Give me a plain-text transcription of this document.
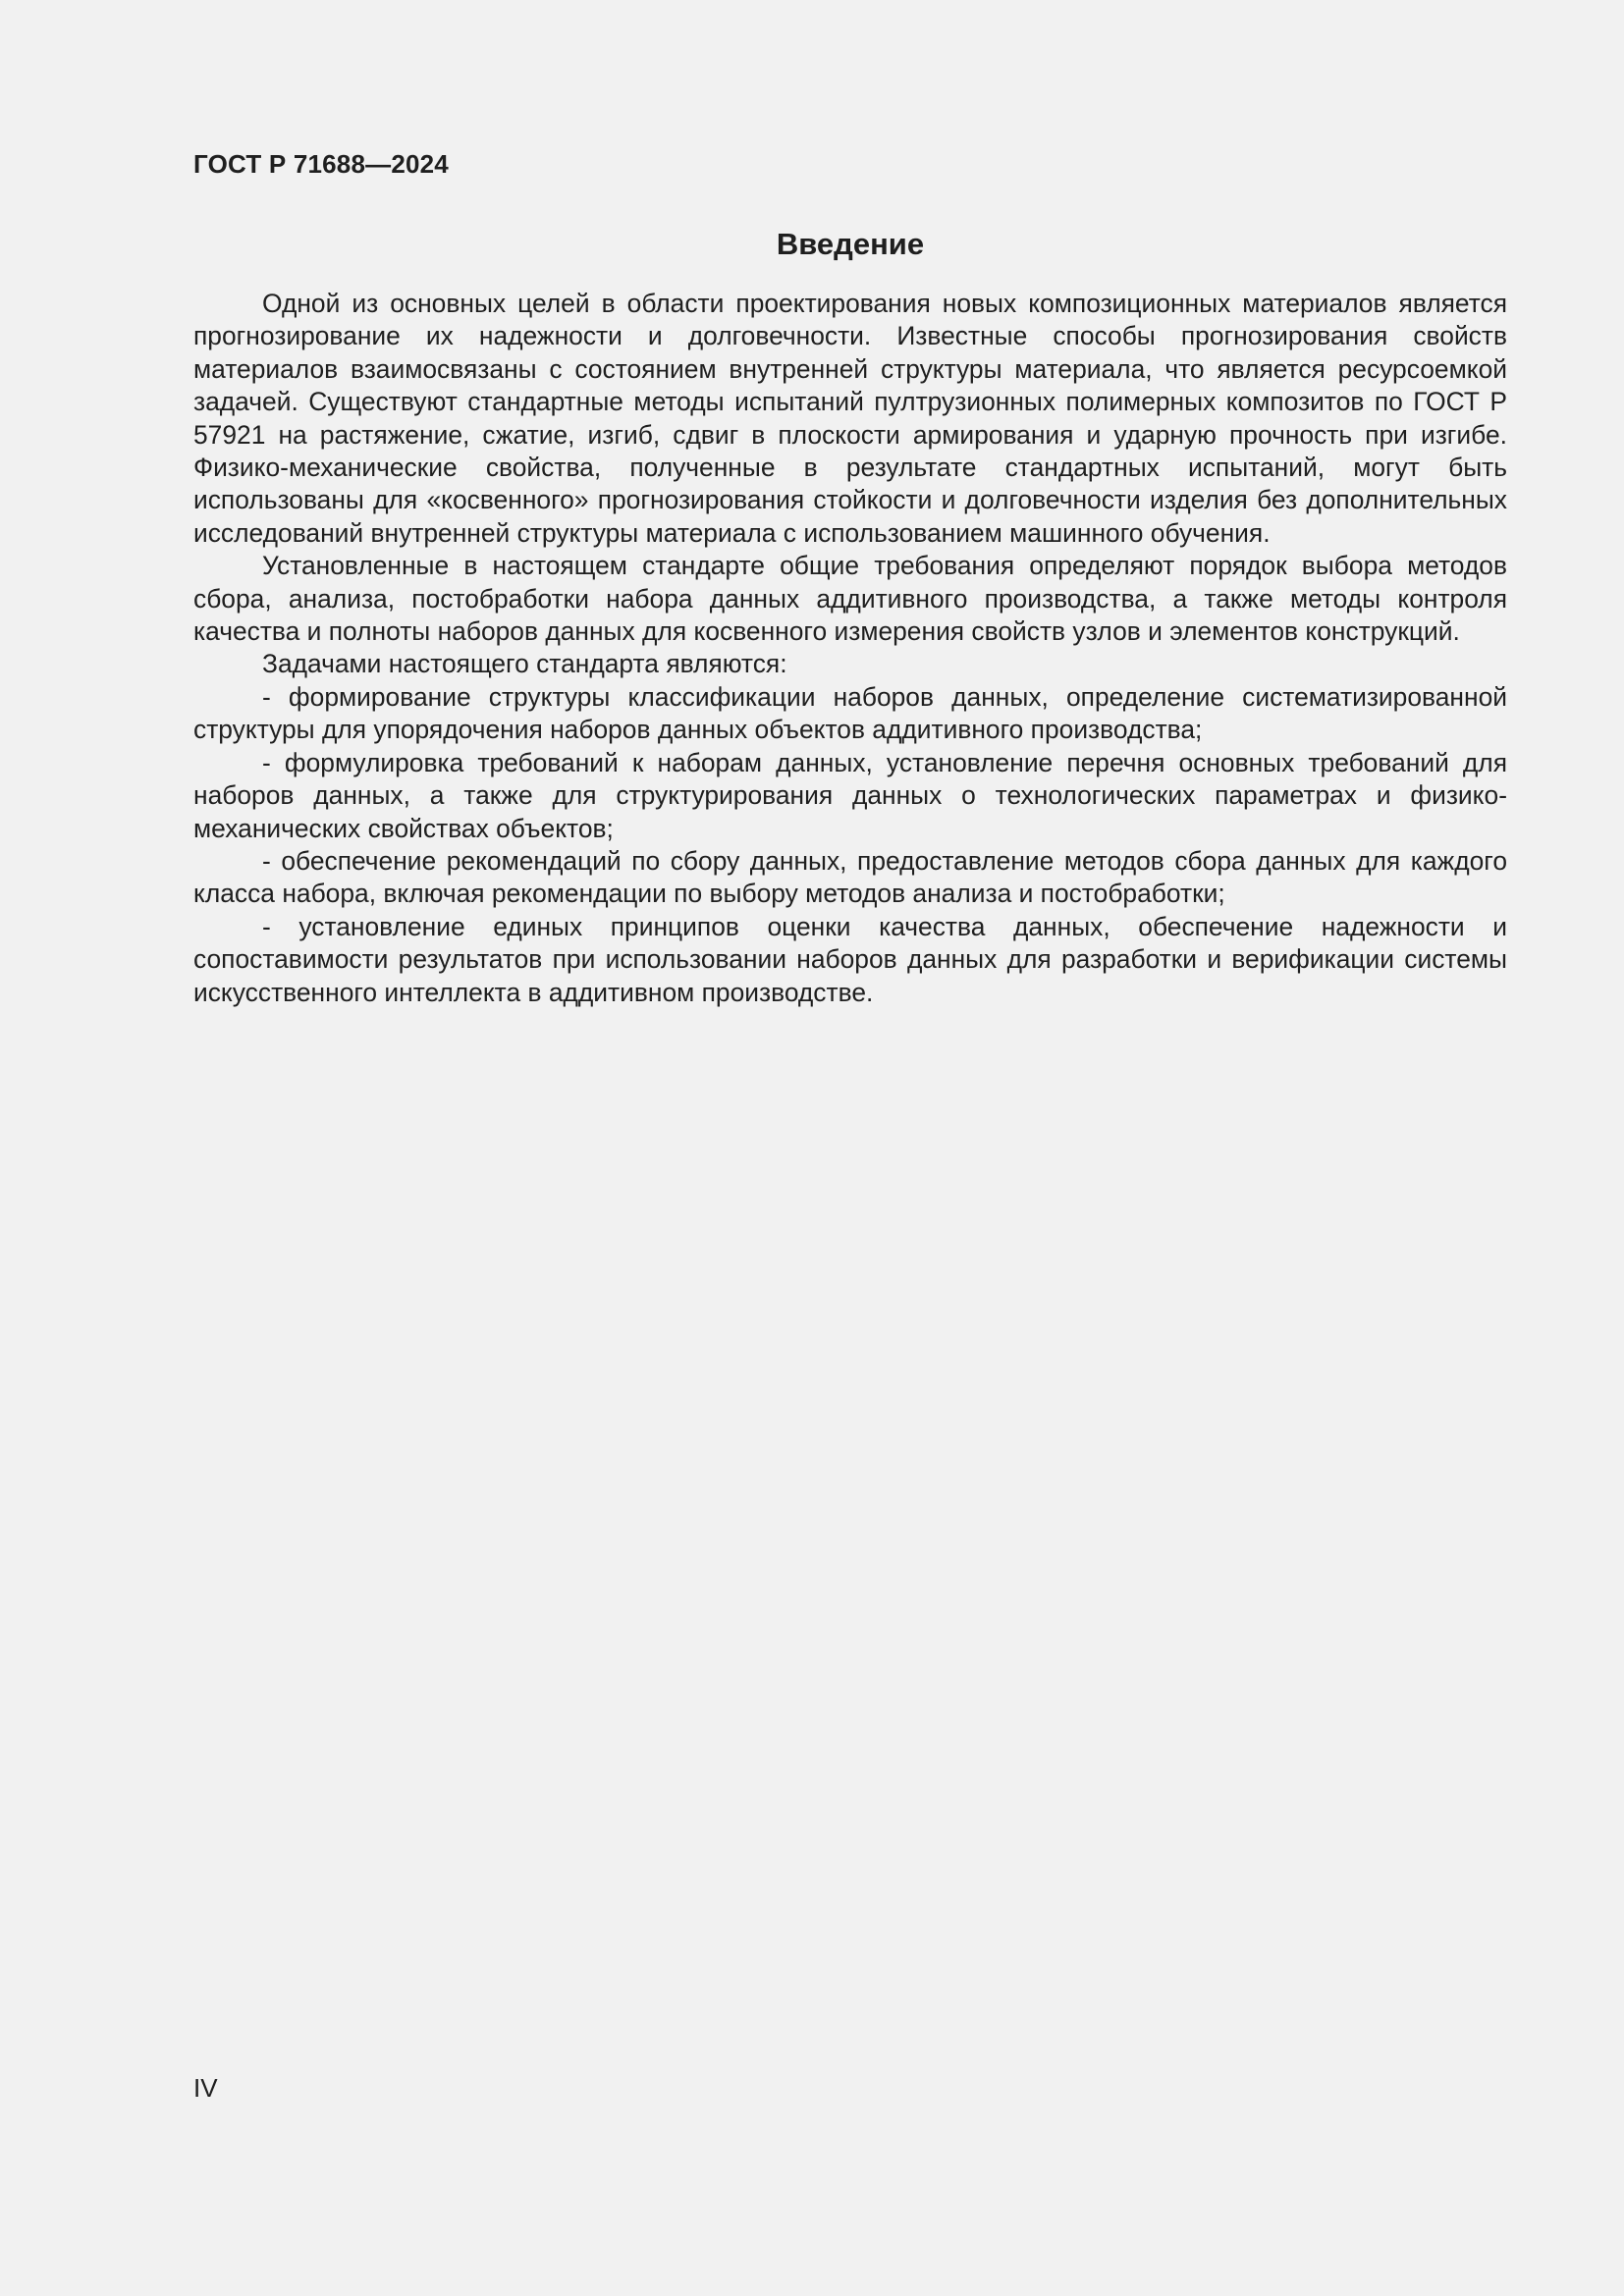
ГОСТ Р 71688—2024

Введение

Одной из основных целей в области проектирования новых композиционных материалов является прогнозирование их надежности и долговечности. Известные способы прогнозирования свойств материалов взаимосвязаны с состоянием внутренней структуры материала, что является ресурсоемкой задачей. Существуют стандартные методы испытаний пултрузионных полимерных композитов по ГОСТ Р 57921 на растяжение, сжатие, изгиб, сдвиг в плоскости армирования и ударную прочность при изгибе. Физико-механические свойства, полученные в результате стандартных испытаний, могут быть использованы для «косвенного» прогнозирования стойкости и долговечности изделия без дополнительных исследований внутренней структуры материала с использованием машинного обучения.

Установленные в настоящем стандарте общие требования определяют порядок выбора методов сбора, анализа, постобработки набора данных аддитивного производства, а также методы контроля качества и полноты наборов данных для косвенного измерения свойств узлов и элементов конструкций.

Задачами настоящего стандарта являются:

- формирование структуры классификации наборов данных, определение систематизированной структуры для упорядочения наборов данных объектов аддитивного производства;

- формулировка требований к наборам данных, установление перечня основных требований для наборов данных, а также для структурирования данных о технологических параметрах и физико-механических свойствах объектов;

- обеспечение рекомендаций по сбору данных, предоставление методов сбора данных для каждого класса набора, включая рекомендации по выбору методов анализа и постобработки;

- установление единых принципов оценки качества данных, обеспечение надежности и сопоставимости результатов при использовании наборов данных для разработки и верификации системы искусственного интеллекта в аддитивном производстве.

IV
